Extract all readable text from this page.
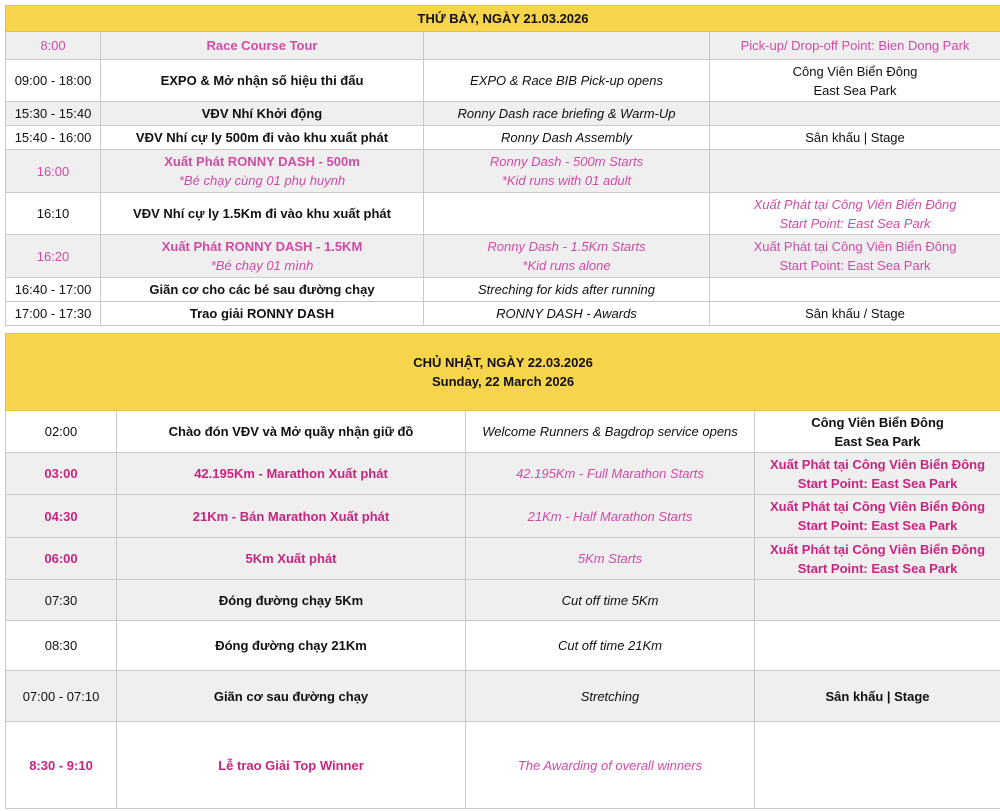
THỨ BẢY, NGÀY 21.03.2026			
8:00	Race Course Tour		Pick-up/ Drop-off Point: Bien Dong Park
09:00 - 18:00	EXPO & Mở nhận số hiệu thi đấu	EXPO & Race BIB Pick-up opens	Công Viên Biển Đông
East Sea Park

15:30 - 15:40	VĐV Nhí Khởi động	Ronny Dash race briefing & Warm-Up	
15:40 - 16:00	VĐV Nhí cự ly 500m đi vào khu xuất phát	Ronny Dash Assembly	Sân khấu | Stage
16:00	Xuất Phát RONNY DASH - 500m
*Bé chạy cùng 01 phụ huynh	Ronny Dash - 500m Starts
*Kid runs with 01 adult	

16:10	VĐV Nhí cự ly 1.5Km đi vào khu xuất phát		Xuất Phát tại Công Viên Biển Đông
Start Point: East Sea Park

16:20	Xuất Phát RONNY DASH - 1.5KM
*Bé chạy 01 mình	Ronny Dash - 1.5Km Starts
*Kid runs alone	Xuất Phát tại Công Viên Biển Đông
Start Point: East Sea Park

16:40 - 17:00	Giãn cơ cho các bé sau đường chạy	Streching for kids after running	
17:00 - 17:30	Trao giải RONNY DASH	RONNY DASH - Awards	Sân khấu / Stage
CHỦ NHẬT, NGÀY 22.03.2026
Sunday, 22 March 2026			

02:00	Chào đón VĐV và Mở quầy nhận giữ đồ	Welcome Runners & Bagdrop service opens	Công Viên Biển Đông
East Sea Park

03:00	42.195Km - Marathon Xuất phát	42.195Km - Full Marathon Starts	Xuất Phát tại Công Viên Biển Đông
Start Point: East Sea Park

04:30	21Km - Bán Marathon Xuất phát	21Km - Half Marathon Starts	Xuất Phát tại Công Viên Biển Đông
Start Point: East Sea Park

06:00	5Km Xuất phát	5Km Starts	Xuất Phát tại Công Viên Biển Đông
Start Point: East Sea Park

07:30	Đóng đường chạy 5Km	Cut off time 5Km	
08:30	Đóng đường chạy 21Km	Cut off time 21Km	
07:00 - 07:10	Giãn cơ sau đường chạy	Stretching	Sân khấu | Stage
8:30 - 9:10	Lễ trao Giải Top Winner	The Awarding of overall winners	
